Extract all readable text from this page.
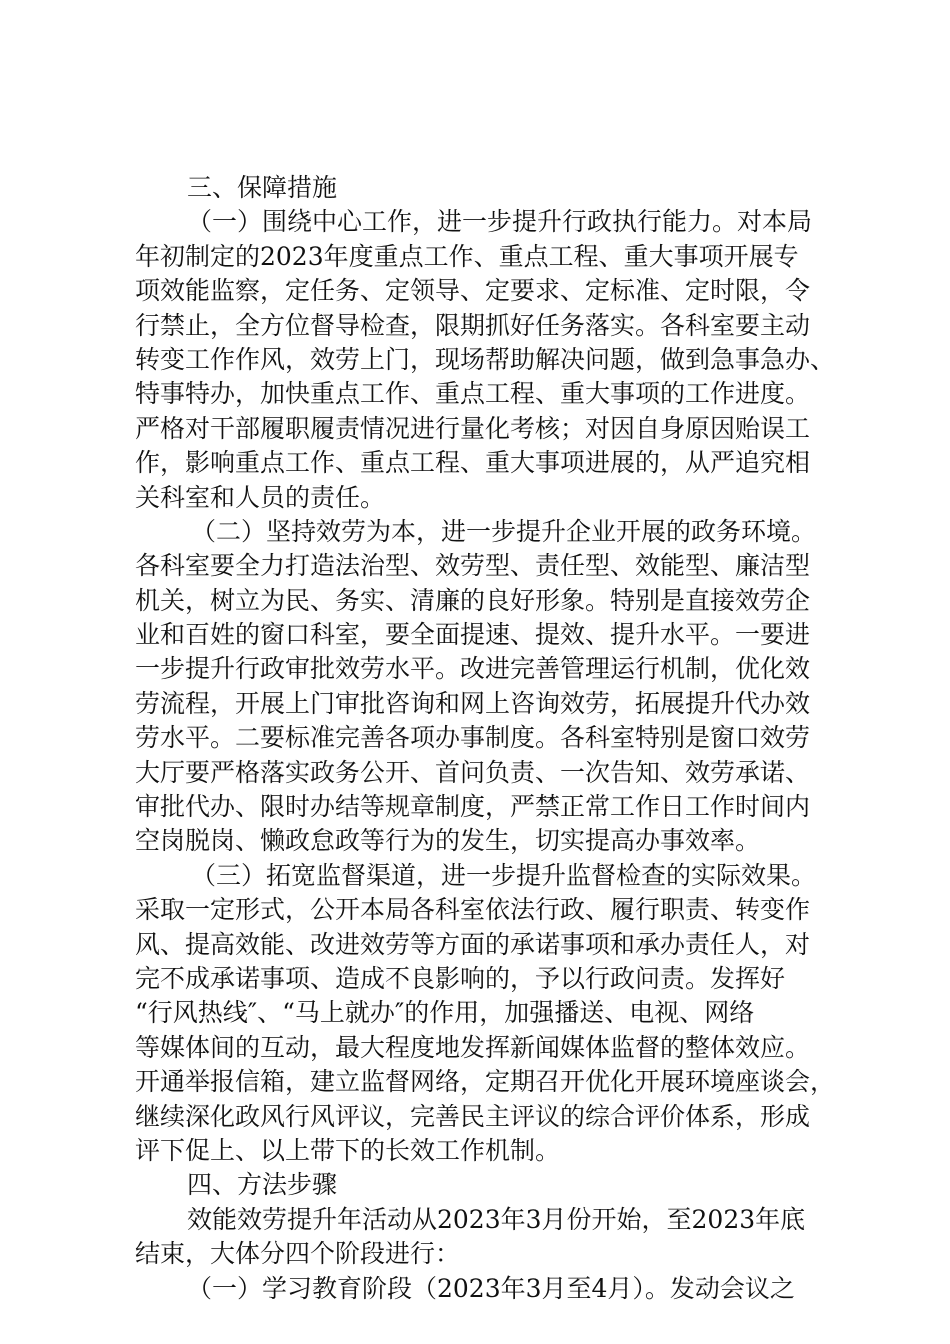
三、保障措施
（一）围绕中心工作，进一步提升行政执行能力。对本局
年初制定的2023年度重点工作、重点工程、重大事项开展专
项效能监察，定任务、定领导、定要求、定标准、定时限，令
行禁止，全方位督导检查，限期抓好任务落实。各科室要主动
转变工作作风，效劳上门，现场帮助解决问题，做到急事急办、
特事特办，加快重点工作、重点工程、重大事项的工作进度。
严格对干部履职履责情况进行量化考核；对因自身原因贻误工
作，影响重点工作、重点工程、重大事项进展的，从严追究相
关科室和人员的责任。
（二）坚持效劳为本，进一步提升企业开展的政务环境。
各科室要全力打造法治型、效劳型、责任型、效能型、廉洁型
机关，树立为民、务实、清廉的良好形象。特别是直接效劳企
业和百姓的窗口科室，要全面提速、提效、提升水平。一要进
一步提升行政审批效劳水平。改进完善管理运行机制，优化效
劳流程，开展上门审批咨询和网上咨询效劳，拓展提升代办效
劳水平。二要标准完善各项办事制度。各科室特别是窗口效劳
大厅要严格落实政务公开、首问负责、一次告知、效劳承诺、
审批代办、限时办结等规章制度，严禁正常工作日工作时间内
空岗脱岗、懒政怠政等行为的发生，切实提高办事效率。
（三）拓宽监督渠道，进一步提升监督检查的实际效果。
采取一定形式，公开本局各科室依法行政、履行职责、转变作
风、提高效能、改进效劳等方面的承诺事项和承办责任人，对
完不成承诺事项、造成不良影响的，予以行政问责。发挥好
“行风热线″、“马上就办″的作用，加强播送、电视、网络
等媒体间的互动，最大程度地发挥新闻媒体监督的整体效应。
开通举报信箱，建立监督网络，定期召开优化开展环境座谈会，
继续深化政风行风评议，完善民主评议的综合评价体系，形成
评下促上、以上带下的长效工作机制。
四、方法步骤
效能效劳提升年活动从2023年3月份开始，至2023年底
结束，大体分四个阶段进行：
（一）学习教育阶段（2023年3月至4月）。发动会议之
